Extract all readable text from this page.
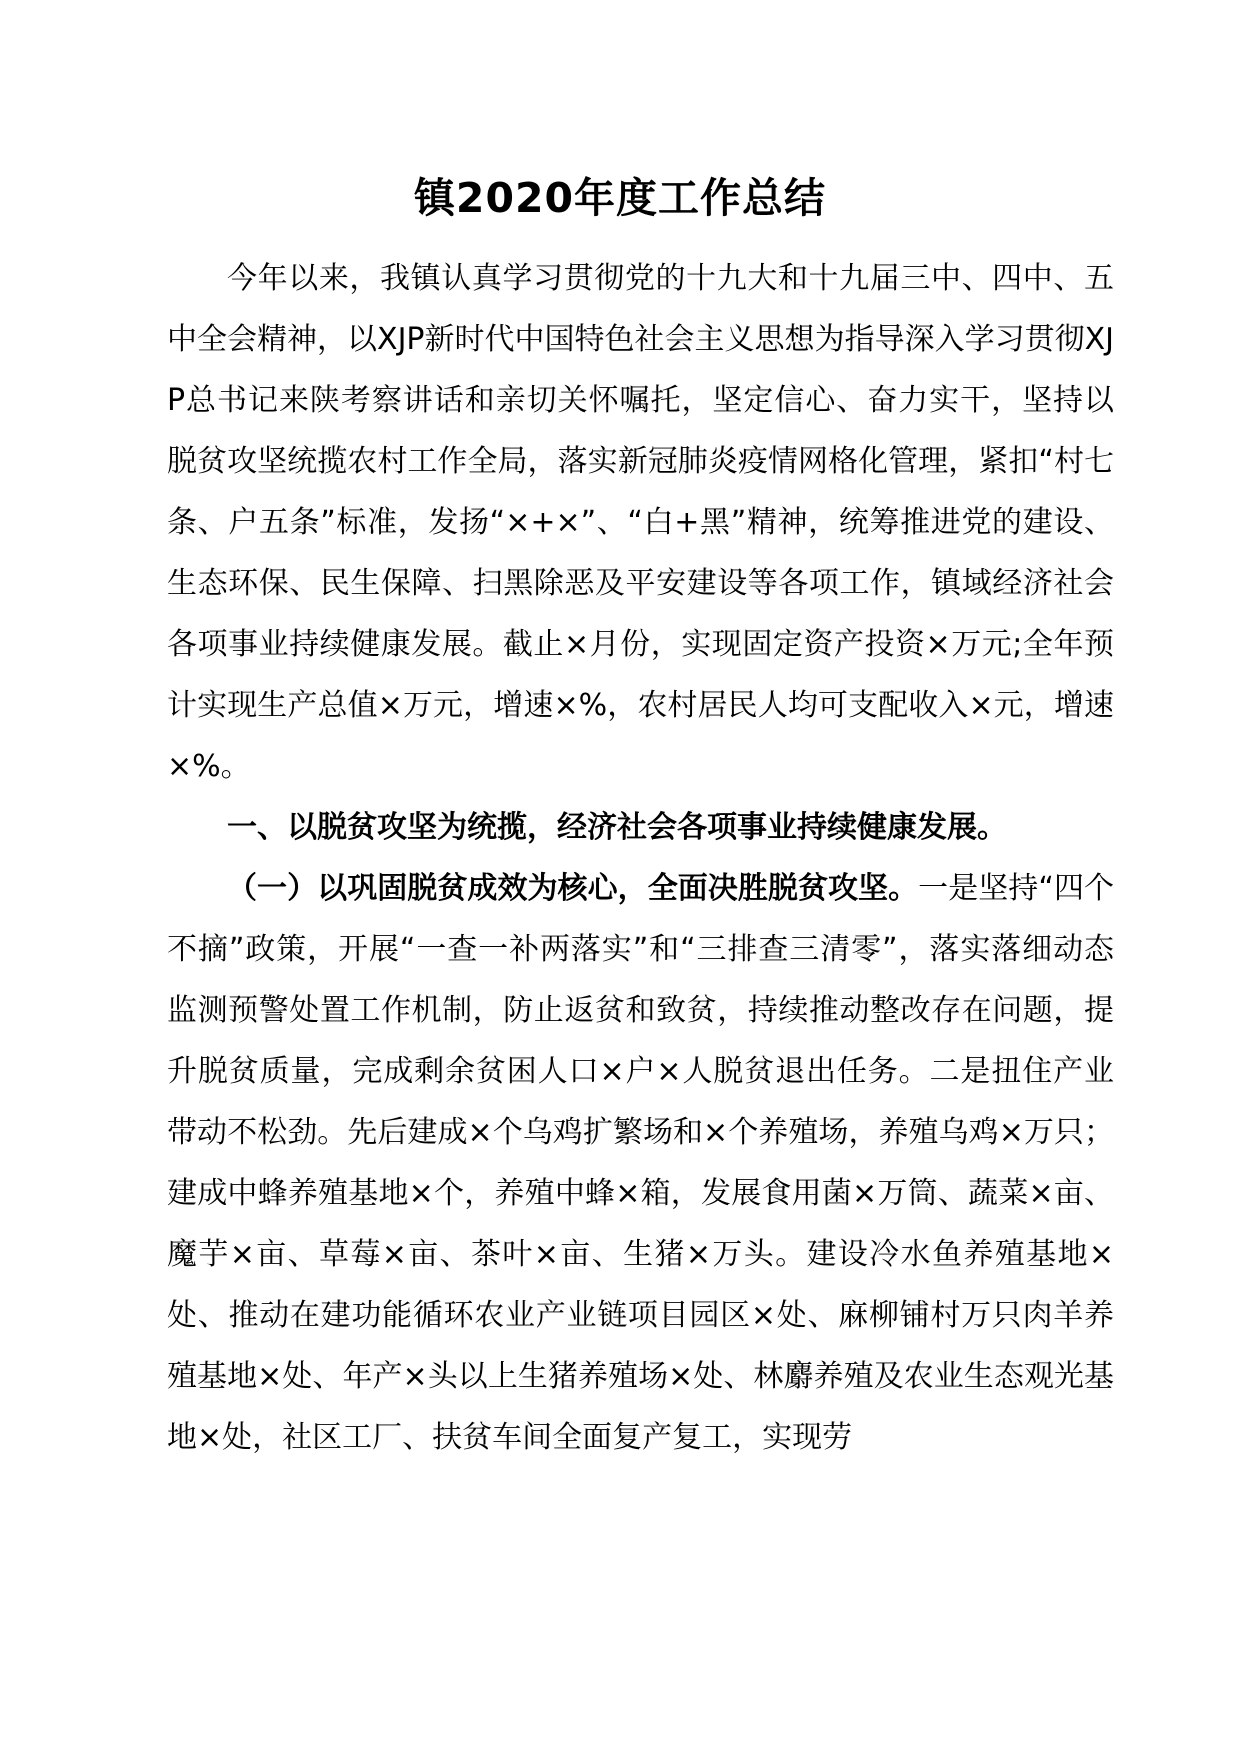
镇2020年度工作总结

今年以来，我镇认真学习贯彻党的十九大和十九届三中、四中、五中全会精神，以XJP新时代中国特色社会主义思想为指导深入学习贯彻XJP总书记来陕考察讲话和亲切关怀嘱托，坚定信心、奋力实干，坚持以脱贫攻坚统揽农村工作全局，落实新冠肺炎疫情网格化管理，紧扣“村七条、户五条”标准，发扬“×+×”、“白+黑”精神，统筹推进党的建设、生态环保、民生保障、扫黑除恶及平安建设等各项工作，镇域经济社会各项事业持续健康发展。截止×月份，实现固定资产投资×万元;全年预计实现生产总值×万元，增速×%，农村居民人均可支配收入×元，增速×%。

一、以脱贫攻坚为统揽，经济社会各项事业持续健康发展。

（一）以巩固脱贫成效为核心，全面决胜脱贫攻坚。一是坚持“四个不摘”政策，开展“一查一补两落实”和“三排查三清零”，落实落细动态监测预警处置工作机制，防止返贫和致贫，持续推动整改存在问题，提升脱贫质量，完成剩余贫困人口×户×人脱贫退出任务。二是扭住产业带动不松劲。先后建成×个乌鸡扩繁场和×个养殖场，养殖乌鸡×万只；建成中蜂养殖基地×个，养殖中蜂×箱，发展食用菌×万筒、蔬菜×亩、魔芋×亩、草莓×亩、茶叶×亩、生猪×万头。建设冷水鱼养殖基地×处、推动在建功能循环农业产业链项目园区×处、麻柳铺村万只肉羊养殖基地×处、年产×头以上生猪养殖场×处、林麝养殖及农业生态观光基地×处，社区工厂、扶贫车间全面复产复工，实现劳
